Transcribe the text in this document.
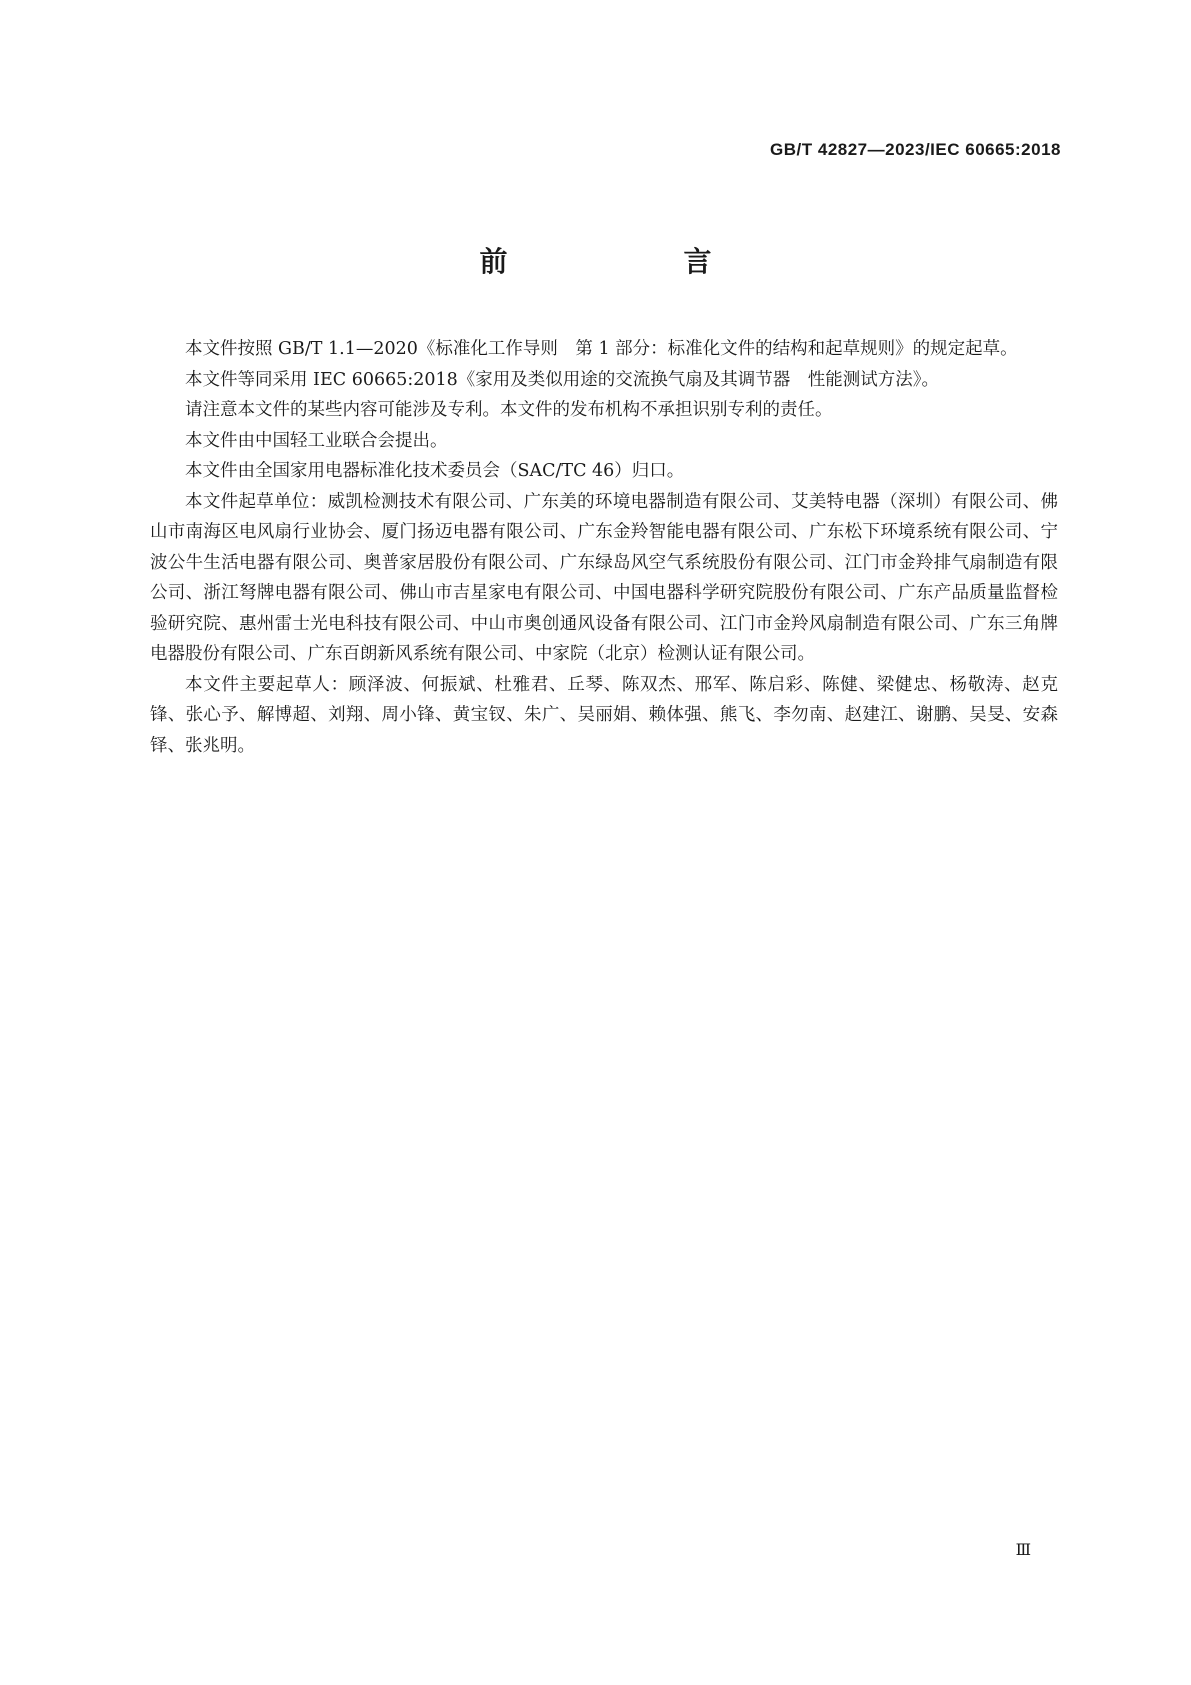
GB/T 42827—2023/IEC 60665:2018
前　　言

本文件按照 GB/T 1.1—2020《标准化工作导则　第 1 部分：标准化文件的结构和起草规则》的规定起草。

本文件等同采用 IEC 60665:2018《家用及类似用途的交流换气扇及其调节器　性能测试方法》。

请注意本文件的某些内容可能涉及专利。本文件的发布机构不承担识别专利的责任。

本文件由中国轻工业联合会提出。

本文件由全国家用电器标准化技术委员会（SAC/TC 46）归口。

本文件起草单位：威凯检测技术有限公司、广东美的环境电器制造有限公司、艾美特电器（深圳）有限公司、佛山市南海区电风扇行业协会、厦门扬迈电器有限公司、广东金羚智能电器有限公司、广东松下环境系统有限公司、宁波公牛生活电器有限公司、奥普家居股份有限公司、广东绿岛风空气系统股份有限公司、江门市金羚排气扇制造有限公司、浙江弩牌电器有限公司、佛山市吉星家电有限公司、中国电器科学研究院股份有限公司、广东产品质量监督检验研究院、惠州雷士光电科技有限公司、中山市奥创通风设备有限公司、江门市金羚风扇制造有限公司、广东三角牌电器股份有限公司、广东百朗新风系统有限公司、中家院（北京）检测认证有限公司。

本文件主要起草人：顾泽波、何振斌、杜雅君、丘琴、陈双杰、邢军、陈启彩、陈健、梁健忠、杨敬涛、赵克锋、张心予、解博超、刘翔、周小锋、黄宝钗、朱广、吴丽娟、赖体强、熊飞、李勿南、赵建江、谢鹏、吴旻、安森铎、张兆明。

Ⅲ
